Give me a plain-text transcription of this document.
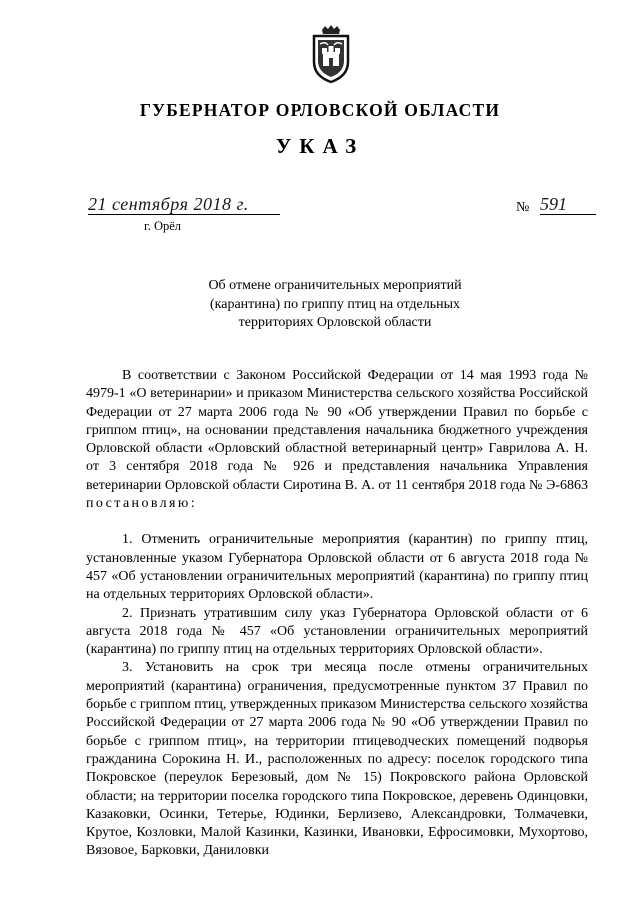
ГУБЕРНАТОР ОРЛОВСКОЙ ОБЛАСТИ
УКАЗ
21 сентября 2018 г.
г. Орёл
№ 591
Об отмене ограничительных мероприятий
(карантина) по гриппу птиц на отдельных
территориях Орловской области

В соответствии с Законом Российской Федерации от 14 мая 1993 года № 4979-1 «О ветеринарии» и приказом Министерства сельского хозяйства Российской Федерации от 27 марта 2006 года № 90 «Об утверждении Правил по борьбе с гриппом птиц», на основании представления начальника бюджетного учреждения Орловской области «Орловский областной ветеринарный центр» Гаврилова А. Н. от 3 сентября 2018 года № 926 и представления начальника Управления ветеринарии Орловской области Сиротина В. А. от 11 сентября 2018 года № Э-6863 постановляю:

1. Отменить ограничительные мероприятия (карантин) по гриппу птиц, установленные указом Губернатора Орловской области от 6 августа 2018 года № 457 «Об установлении ограничительных мероприятий (карантина) по гриппу птиц на отдельных территориях Орловской области».

2. Признать утратившим силу указ Губернатора Орловской области от 6 августа 2018 года № 457 «Об установлении ограничительных мероприятий (карантина) по гриппу птиц на отдельных территориях Орловской области».

3. Установить на срок три месяца после отмены ограничительных мероприятий (карантина) ограничения, предусмотренные пунктом 37 Правил по борьбе с гриппом птиц, утвержденных приказом Министерства сельского хозяйства Российской Федерации от 27 марта 2006 года № 90 «Об утверждении Правил по борьбе с гриппом птиц», на территории птицеводческих помещений подворья гражданина Сорокина Н. И., расположенных по адресу: поселок городского типа Покровское (переулок Березовый, дом № 15) Покровского района Орловской области; на территории поселка городского типа Покровское, деревень Одинцовки, Казаковки, Осинки, Тетерье, Юдинки, Берлизево, Александровки, Толмачевки, Крутое, Козловки, Малой Казинки, Казинки, Ивановки, Ефросимовки, Мухортово, Вязовое, Барковки, Даниловки
